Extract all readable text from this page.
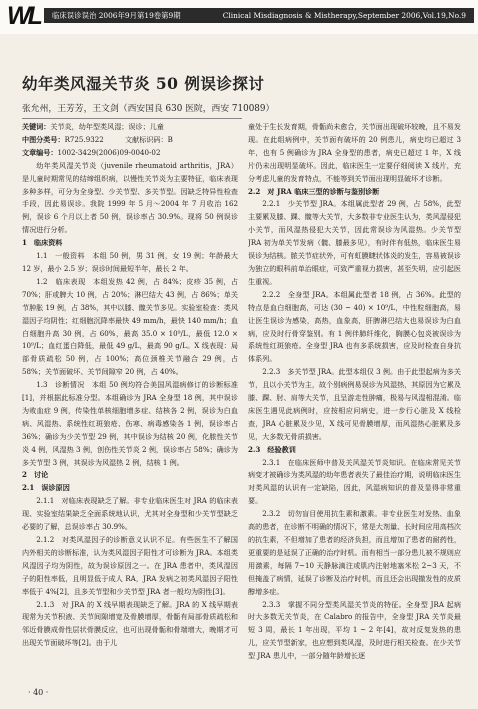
WL 临床误诊误治 2006年9月第19卷第9期	Clinical Misdiagnosis & Mistherapy,September 2006,Vol.19,No.9
幼年类风湿关节炎 50 例误诊探讨
张允州，王芳芳，王文剑（西安国良 630 医院，西安 710089）

关键词：关节炎，幼年型类风湿；误诊；儿童

中图分类号：R725.9322　　　文献标识码：B

文章编号：1002-3429(2006)09-0040-02

幼年类风湿关节炎（juvenile rheumatoid arthritis，JRA）是儿童时期常见的结缔组织病，以慢性关节炎为主要特征，临床表现多种多样，可分为全身型、少关节型、多关节型。因缺乏特异性检查手段，因此易误诊。我院 1999 年 5 月～2004 年 7 月收治 162 例，误诊 6 个月以上者 50 例，误诊率占 30.9%。现将 50 例误诊情况进行分析。

1　临床资料

1.1　一般资料　本组 50 例，男 31 例，女 19 例；年龄最大 12 岁，最小 2.5 岁；误诊时间最短半年，最长 2 年。

1.2　临床表现　本组发热 42 例，占 84%；皮疹 35 例，占 70%；肝或脾大 10 例，占 20%；淋巴结大 43 例，占 86%；单关节肿胀 19 例，占 38%，其中以膝、髋关节多见。实验室检查：类风湿因子均阴性；红细胞沉降率最快 49 mm/h，最快 140 mm/h；血白细胞升高 30 例，占 60%，最高 35.0 × 10⁹/L，最低 12.0 × 10⁹/L；血红蛋白降低，最低 49 g/L，最高 90 g/L。X 线表现：局部骨质疏松 50 例，占 100%；高位颈椎关节融合 29 例，占 58%；关节面破坏、关节间隙窄 20 例，占 40%。

1.3　诊断情况　本组 50 例均符合美国风湿病修订的诊断标准[1]，并根据此标准分型。本组确诊为 JRA 全身型 18 例，其中误诊为败血症 9 例，传染性单核细胞增多症、结核各 2 例，误诊为白血病、风湿热、系统性红斑狼疮、伤寒、病毒感染各 1 例，误诊率占 36%；确诊为少关节型 29 例，其中误诊为结核 20 例，化脓性关节炎 4 例，风湿热 3 例，创伤性关节炎 2 例，误诊率占 58%；确诊为多关节型 3 例，其误诊为风湿热 2 例，结核 1 例。

2　讨论

2.1　误诊原因

2.1.1　对临床表现缺乏了解。非专业临床医生对 JRA 的临床表现、实验室结果缺乏全面系统地认识，尤其对全身型和少关节型缺乏必要的了解，总误诊率占 30.9%。

2.1.2　对类风湿因子的诊断意义认识不足。有些医生不了解国内外相关的诊断标准，认为类风湿因子阳性才可诊断为 JRA。本组类风湿因子均为阴性，故为误诊原因之一。在 JRA 患者中，类风湿因子的阳性率低，且明显低于成人 RA，JRA 发病之初类风湿因子阳性率低于 4%[2]，且多关节型和少关节型 JRA 者一般均为阴性[3]。

2.1.3　对 JRA 的 X 线早期表现缺乏了解。JRA 的 X 线早期表现常为关节积液、关节间隙增宽及骨膜增厚，骨骺有局部骨质疏松和邻近骨膜成骨性层状骨膜反应，也可出现骨骺和骨端增大，晚期才可出现关节面破坏等[2]。由于儿

童处于生长发育期，骨骺尚未愈合，关节面出现破坏较晚，且不易发现。在此组病例中，关节面有破坏的 20 例患儿，病史均已超过 3 年，也有 5 例确诊为 JRA 全身型的患者，病史已超过 1 年，X 线片仍未出现明显破坏。因此，临床医生一定要仔细阅读 X 线片，充分考虑儿童的发育特点，不能等到关节面出现明显破坏才诊断。

2.2　对 JRA 临床三型的诊断与鉴别诊断

2.2.1　少关节型 JRA。本组属此型者 29 例，占 58%，此型主要累及膝、踝、髋等大关节，大多数非专业医生认为，类风湿侵犯小关节，而风湿热侵犯大关节，因此常误诊为风湿热。少关节型 JRA 初为单关节发病（髋、膝最多见），有时伴有低热，临床医生易误诊为结核。脓关节症状外，可有虹膜睫状体炎的发生，容易被误诊为独立的眼科前单治眼症，可致严重视力损害，甚至失明，应引起医生重视。

2.2.2　全身型 JRA。本组属此型者 18 例，占 36%。此型的特点是血白细胞高，可达 (30 ~ 40) × 10⁹/L，中性粒细胞高，易让医生误诊为感染，高热，血象高，肝脾淋巴结大也易误诊为白血病，应及时行骨穿鉴别。有 1 例伴肺纤维化，胸膜心包炎被误诊为系统性红斑狼疮。全身型 JRA 也有多系统损害，应及时检查自身抗体系列。

2.2.3　多关节型 JRA。此型本组仅 3 例。由于此型起病为多关节，且以小关节为主，故个别病例易误诊为风湿热，其原因为它累及膝、踝、肘、肩等大关节，且呈游走性肿痛，极易与风湿相混淆。临床医生遇见此病例时，应按相应问病史，进一步行心脏及 X 线检查，JRA 心脏累及少见，X 线可见骨膜增厚，而风湿热心脏累及多见，大多数无骨质损害。

2.3　经验教训

2.3.1　在临床医师中普及关风湿关节炎知识。在临床常见关节病变才被确诊为类风湿的幼年患者表失了最佳治疗期，说明临床医生对类风湿的认识有一定缺陷，因此，风湿病知识的普及显得非常重要。

2.3.2　切勿盲目使用抗生素和激素。非专业医生对发热、血象高的患者，在诊断不明确的情况下，常是大剂量、长时间应用高档次的抗生素，不但增加了患者的经济负担，而且增加了患者的耐药性，更重要的是延误了正确的治疗时机。而有相当一部分患儿被不规则应用激素，每隔 7~10 天静脉滴注或肌内注射地塞米松 2~3 天，不但掩盖了病情，延误了诊断及治疗时机，而且还会出现撤发性的皮质醇增多症。

2.3.3　掌握不同分型类风湿关节炎的特征。全身型 JRA 起病时大多数无关节炎，在 Calabro 的报告中，全身型 JRA 关节炎最短 3 周，最长 1 年出现，平均 1 ~ 2 年[4]，故对反复发热的患儿，应关节型新家，也应想到类风湿，及时进行相关检查。在少关节型 JRA 患儿中，一部分随年龄增长逐

· 40 ·
